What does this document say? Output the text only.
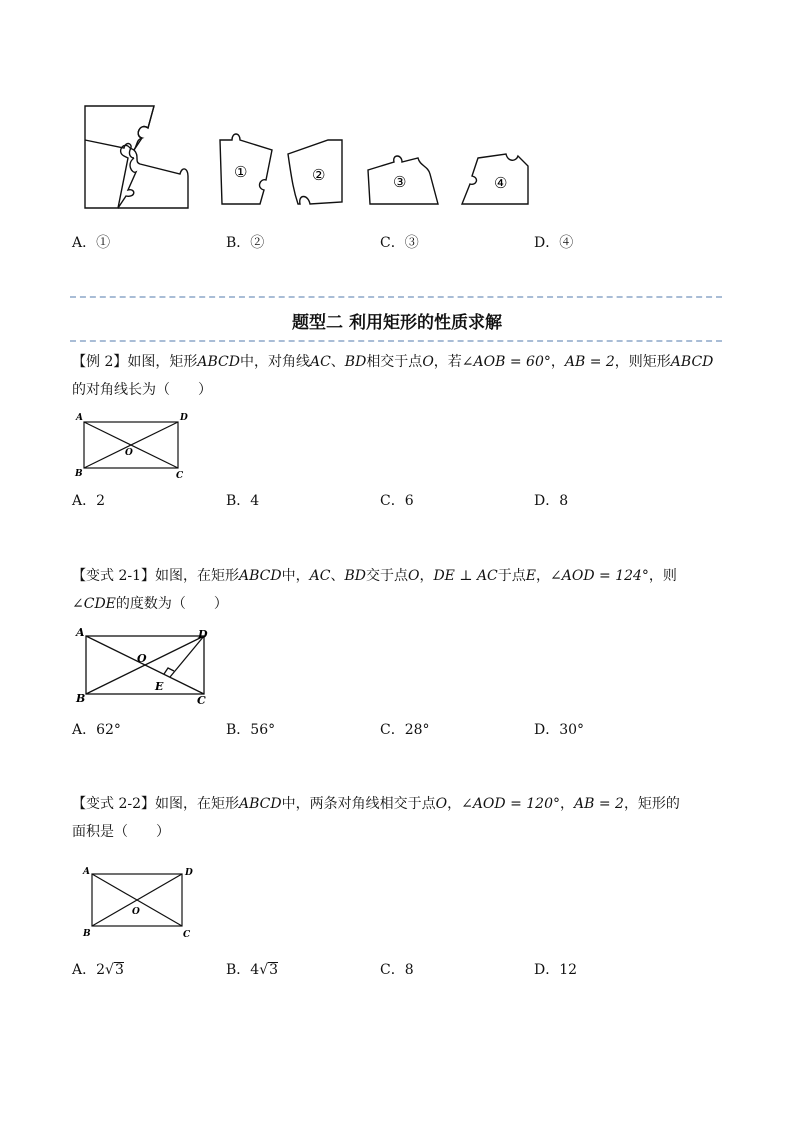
①	②	③	④
A．①	B．②	C．③	D．④
题型二 利用矩形的性质求解
【例 2】如图，矩形ABCD中，对角线AC、BD相交于点O，若∠AOB = 60°，AB = 2，则矩形ABCD
的对角线长为（　　）
A	D
B	C
O
A．2	B．4	C．6	D．8
【变式 2-1】如图，在矩形ABCD中，AC、BD交于点O，DE ⊥ AC于点E，∠AOD = 124°，则
∠CDE的度数为（　　）
A	D
B	C
O
E
A．62°	B．56°	C．28°	D．30°
【变式 2-2】如图，在矩形ABCD中，两条对角线相交于点O，∠AOD = 120°，AB = 2，矩形的
面积是（　　）
A	D
B	C
O
A．2√3	B．4√3	C．8	D．12
